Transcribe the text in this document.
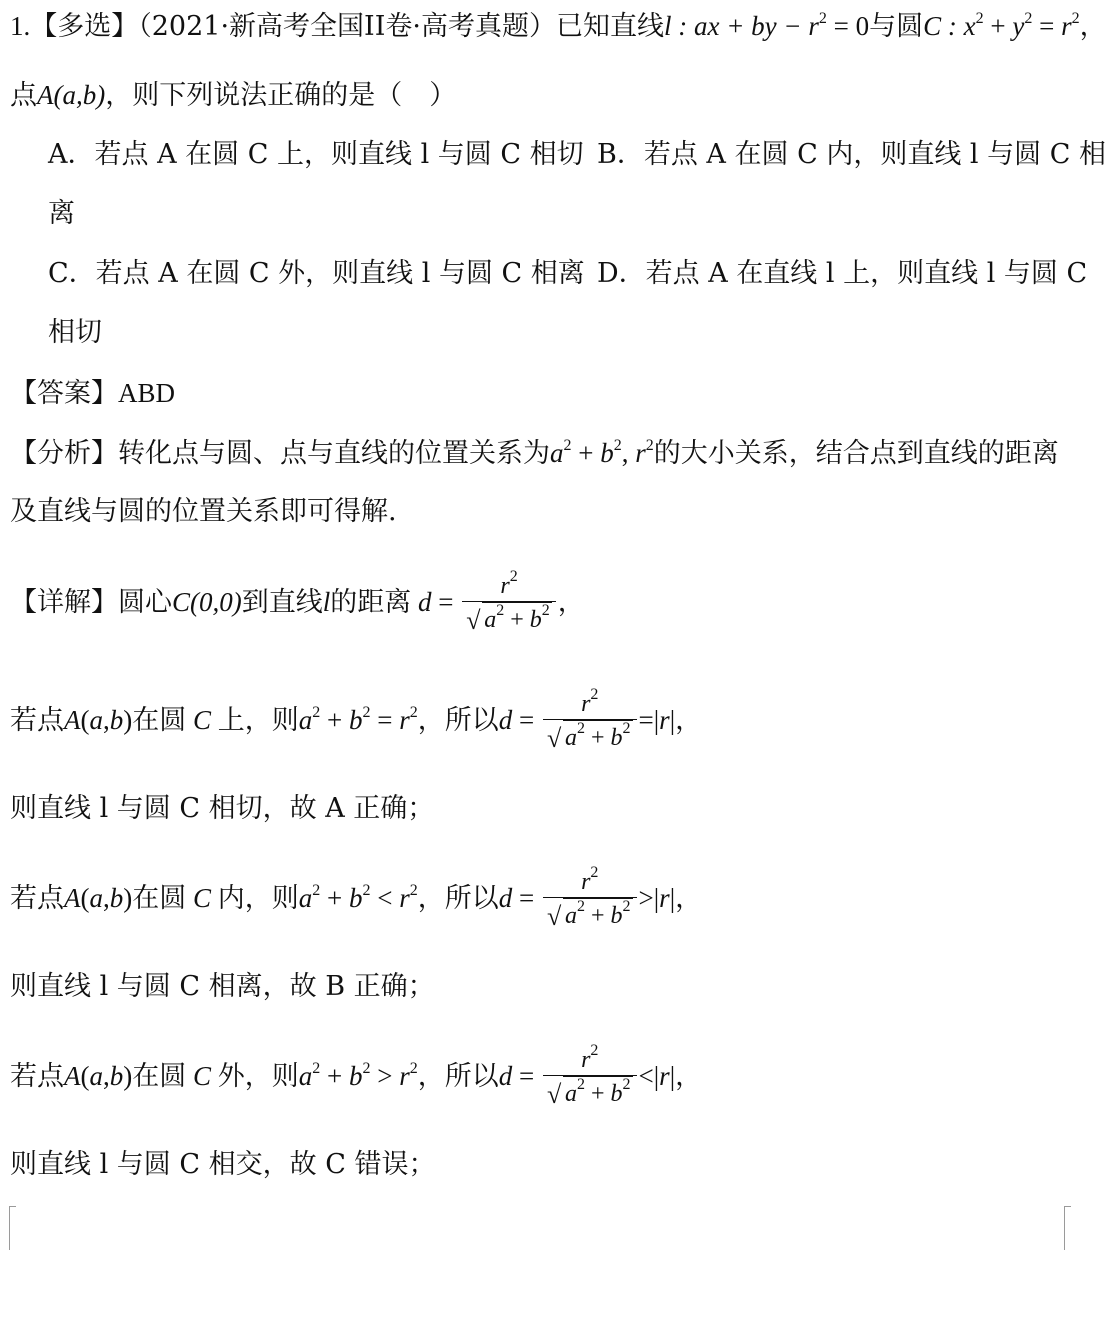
1.【多选】（2021·新高考全国II卷·高考真题）已知直线l : ax + by − $r^2 = 0$与圆C : $x^2 + y^2 = r^2$，
点A(a,b)，则下列说法正确的是（　）
A．若点 A 在圆 C 上，则直线 l 与圆 C 相切 B．若点 A 在圆 C 内，则直线 l 与圆 C 相
离
C．若点 A 在圆 C 外，则直线 l 与圆 C 相离 D．若点 A 在直线 l 上，则直线 l 与圆 C
相切
【答案】ABD
【分析】转化点与圆、点与直线的位置关系为$a^2 + b^2$, $r^2$的大小关系，结合点到直线的距离
及直线与圆的位置关系即可得解.
【详解】圆心C(0,0)到直线l的距离 $d = \frac{r^2}{√ a^2 + b^2}$ ，
若点A(a,b)在圆 C 上，则$a^2 + b^2 = r^2$，所以$d = \frac{r^2}{√ a^2 + b^2} =|r|$，
则直线 l 与圆 C 相切，故 A 正确；
若点A(a,b)在圆 C 内，则$a^2 + b^2 < r^2$，所以$d = \frac{r^2}{√ a^2 + b^2} >|r|$，
则直线 l 与圆 C 相离，故 B 正确；
若点A(a,b)在圆 C 外，则$a^2 + b^2 > r^2$，所以$d = \frac{r^2}{√ a^2 + b^2} <|r|$，
则直线 l 与圆 C 相交，故 C 错误；
